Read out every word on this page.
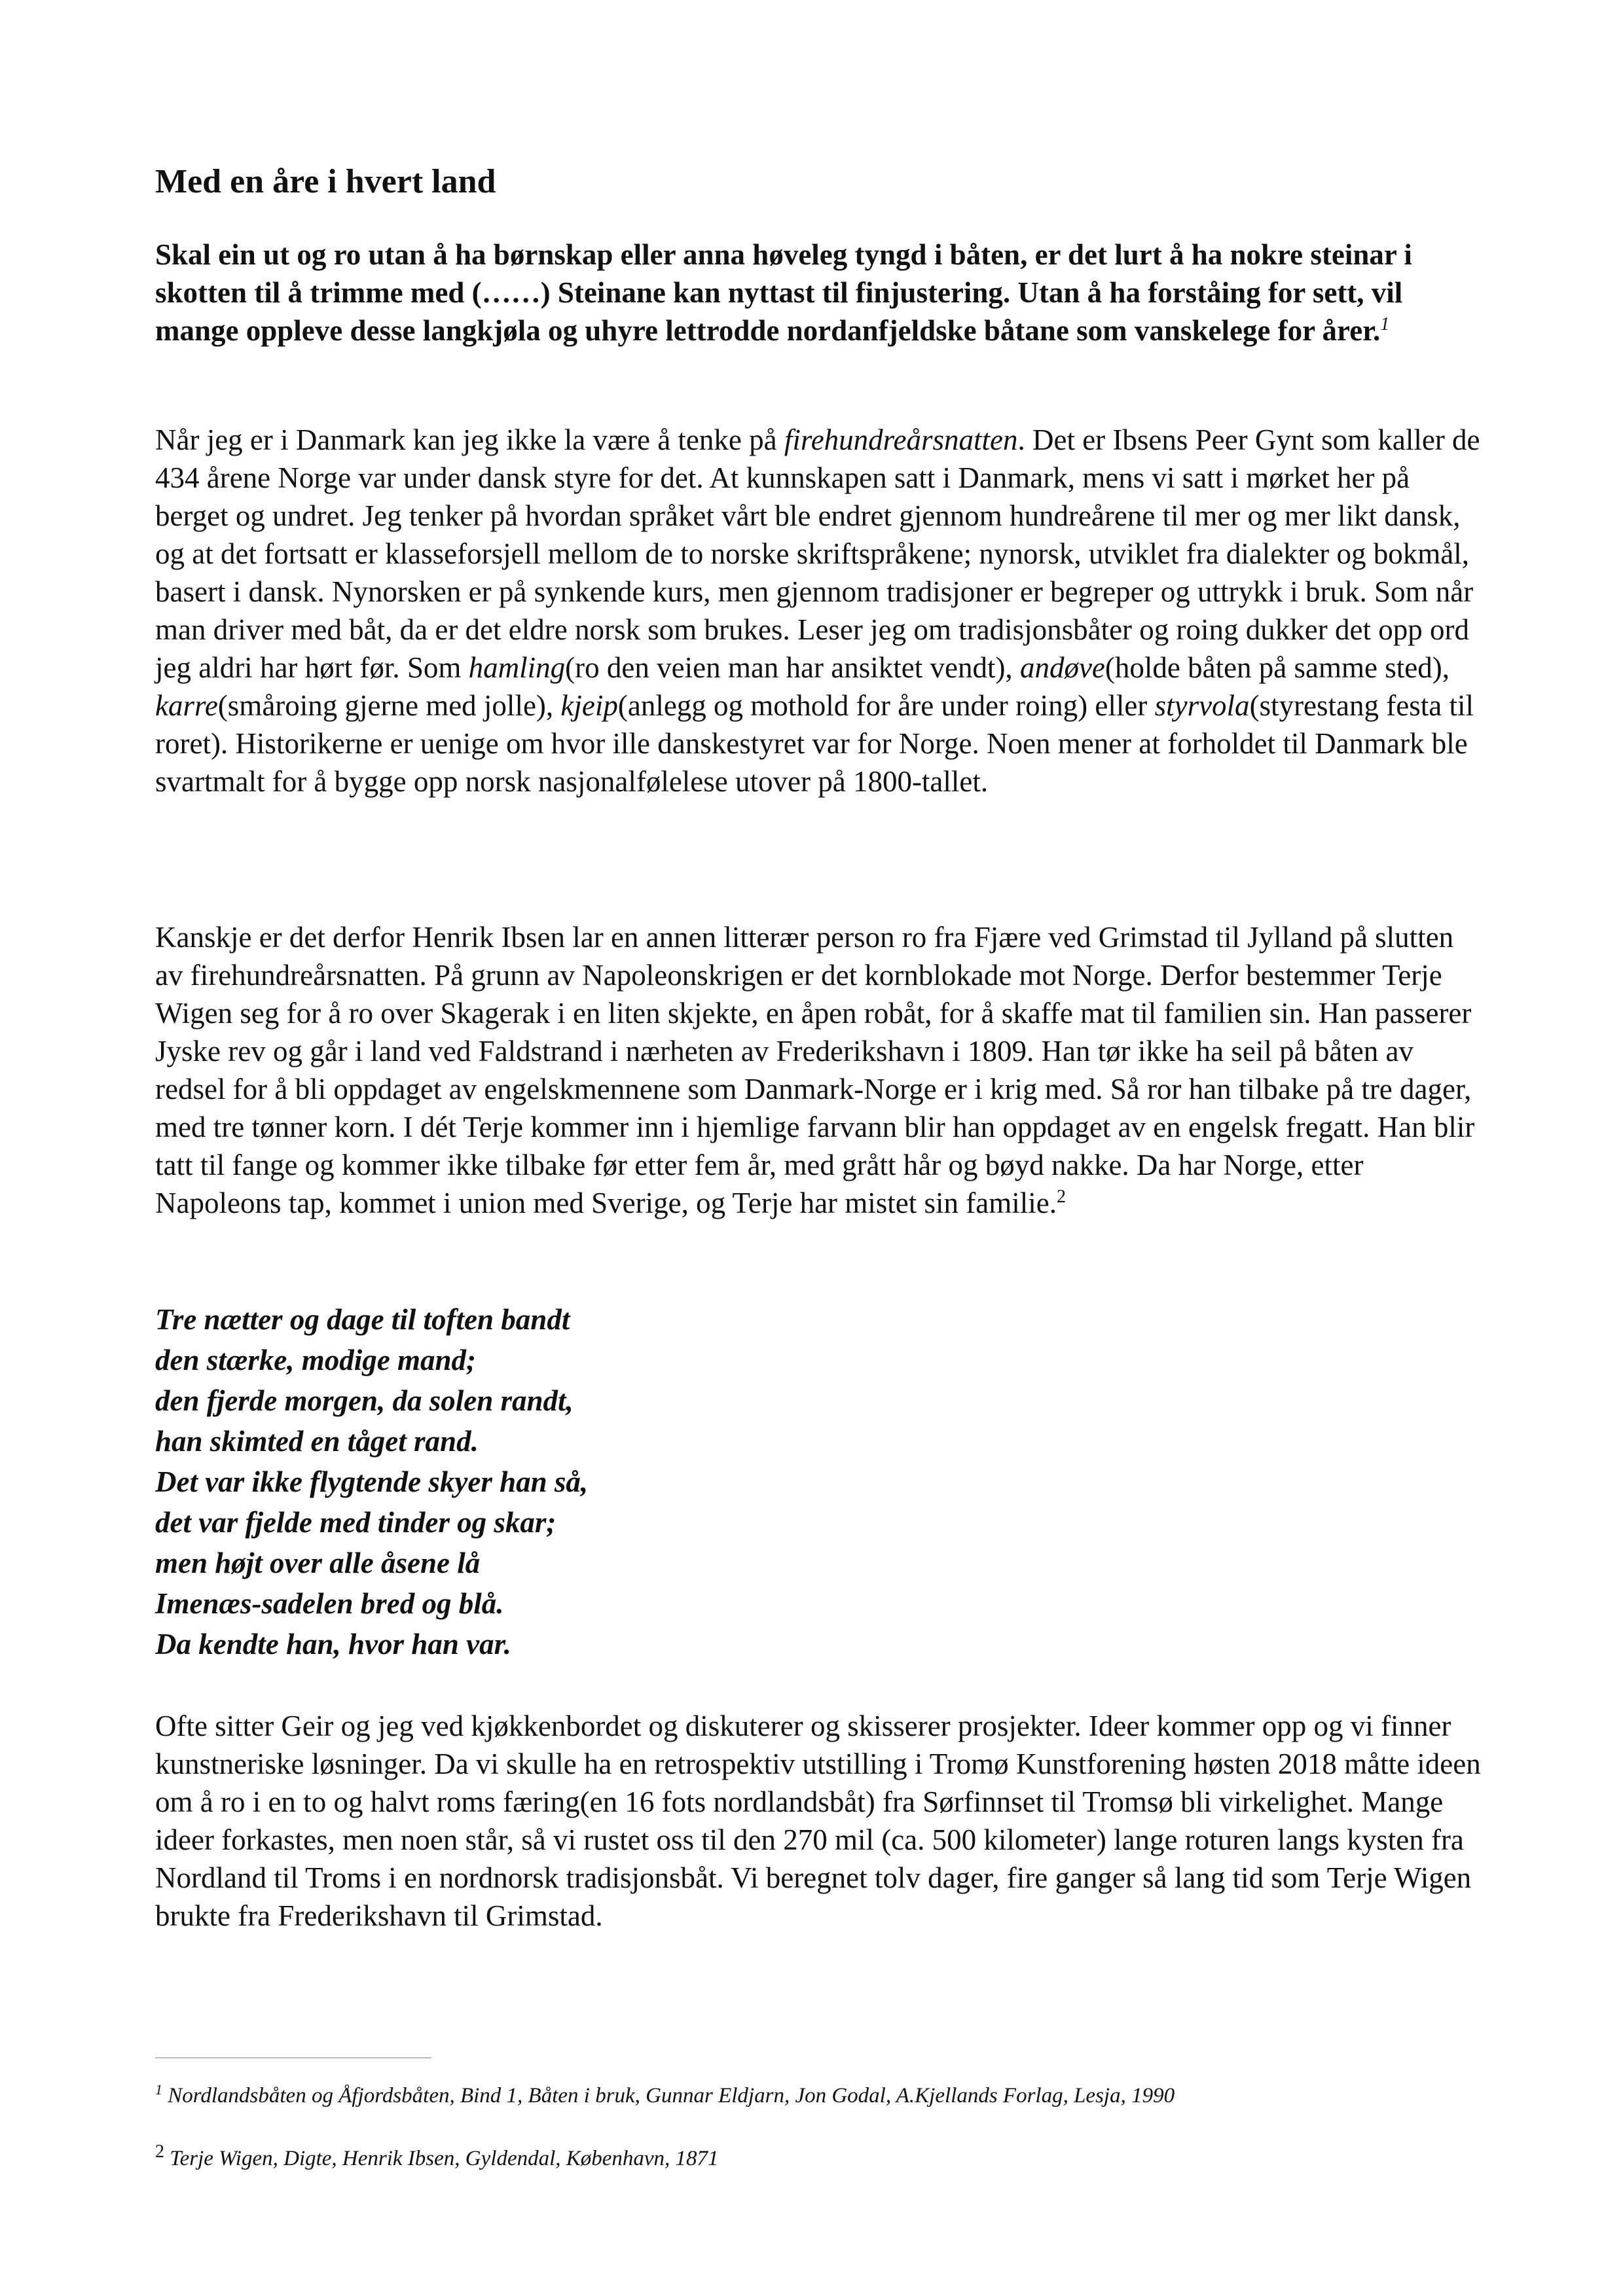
Med en åre i hvert land

Skal ein ut og ro utan å ha børnskap eller anna høveleg tyngd i båten, er det lurt å ha nokre steinar i skotten til å trimme med (……) Steinane kan nyttast til finjustering. Utan å ha forståing for sett, vil mange oppleve desse langkjøla og uhyre lettrodde nordanfjeldske båtane som vanskelege for årer.$^1$

Når jeg er i Danmark kan jeg ikke la være å tenke på firehundreårsnatten. Det er Ibsens Peer Gynt som kaller de 434 årene Norge var under dansk styre for det. At kunnskapen satt i Danmark, mens vi satt i mørket her på berget og undret. Jeg tenker på hvordan språket vårt ble endret gjennom hundreårene til mer og mer likt dansk, og at det fortsatt er klasseforsjell mellom de to norske skriftspråkene; nynorsk, utviklet fra dialekter og bokmål, basert i dansk. Nynorsken er på synkende kurs, men gjennom tradisjoner er begreper og uttrykk i bruk. Som når man driver med båt, da er det eldre norsk som brukes. Leser jeg om tradisjonsbåter og roing dukker det opp ord jeg aldri har hørt før. Som hamling(ro den veien man har ansiktet vendt), andøve(holde båten på samme sted), karre(småroing gjerne med jolle), kjeip(anlegg og mothold for åre under roing) eller styrvola(styrestang festa til roret). Historikerne er uenige om hvor ille danskestyret var for Norge. Noen mener at forholdet til Danmark ble svartmalt for å bygge opp norsk nasjonalfølelese utover på 1800-tallet.

Kanskje er det derfor Henrik Ibsen lar en annen litterær person ro fra Fjære ved Grimstad til Jylland på slutten av firehundreårsnatten. På grunn av Napoleonskrigen er det kornblokade mot Norge. Derfor bestemmer Terje Wigen seg for å ro over Skagerak i en liten skjekte, en åpen robåt, for å skaffe mat til familien sin. Han passerer Jyske rev og går i land ved Faldstrand i nærheten av Frederikshavn i 1809. Han tør ikke ha seil på båten av redsel for å bli oppdaget av engelskmennene som Danmark-Norge er i krig med. Så ror han tilbake på tre dager, med tre tønner korn. I dét Terje kommer inn i hjemlige farvann blir han oppdaget av en engelsk fregatt. Han blir tatt til fange og kommer ikke tilbake før etter fem år, med grått hår og bøyd nakke. Da har Norge, etter Napoleons tap, kommet i union med Sverige, og Terje har mistet sin familie.$^2$

Tre nætter og dage til toften bandt
den stærke, modige mand;
den fjerde morgen, da solen randt,
han skimted en tåget rand.
Det var ikke flygtende skyer han så,
det var fjelde med tinder og skar;
men højt over alle åsene lå
Imenæs-sadelen bred og blå.
Da kendte han, hvor han var.

Ofte sitter Geir og jeg ved kjøkkenbordet og diskuterer og skisserer prosjekter. Ideer kommer opp og vi finner kunstneriske løsninger. Da vi skulle ha en retrospektiv utstilling i Tromø Kunstforening høsten 2018 måtte ideen om å ro i en to og halvt roms færing(en 16 fots nordlandsbåt) fra Sørfinnset til Tromsø bli virkelighet. Mange ideer forkastes, men noen står, så vi rustet oss til den 270 mil (ca. 500 kilometer) lange roturen langs kysten fra Nordland til Troms i en nordnorsk tradisjonsbåt. Vi beregnet tolv dager, fire ganger så lang tid som Terje Wigen brukte fra Frederikshavn til Grimstad.

$^1$ Nordlandsbåten og Åfjordsbåten, Bind 1, Båten i bruk, Gunnar Eldjarn, Jon Godal, A.Kjellands Forlag, Lesja, 1990

$^2$ Terje Wigen, Digte, Henrik Ibsen, Gyldendal, København, 1871
